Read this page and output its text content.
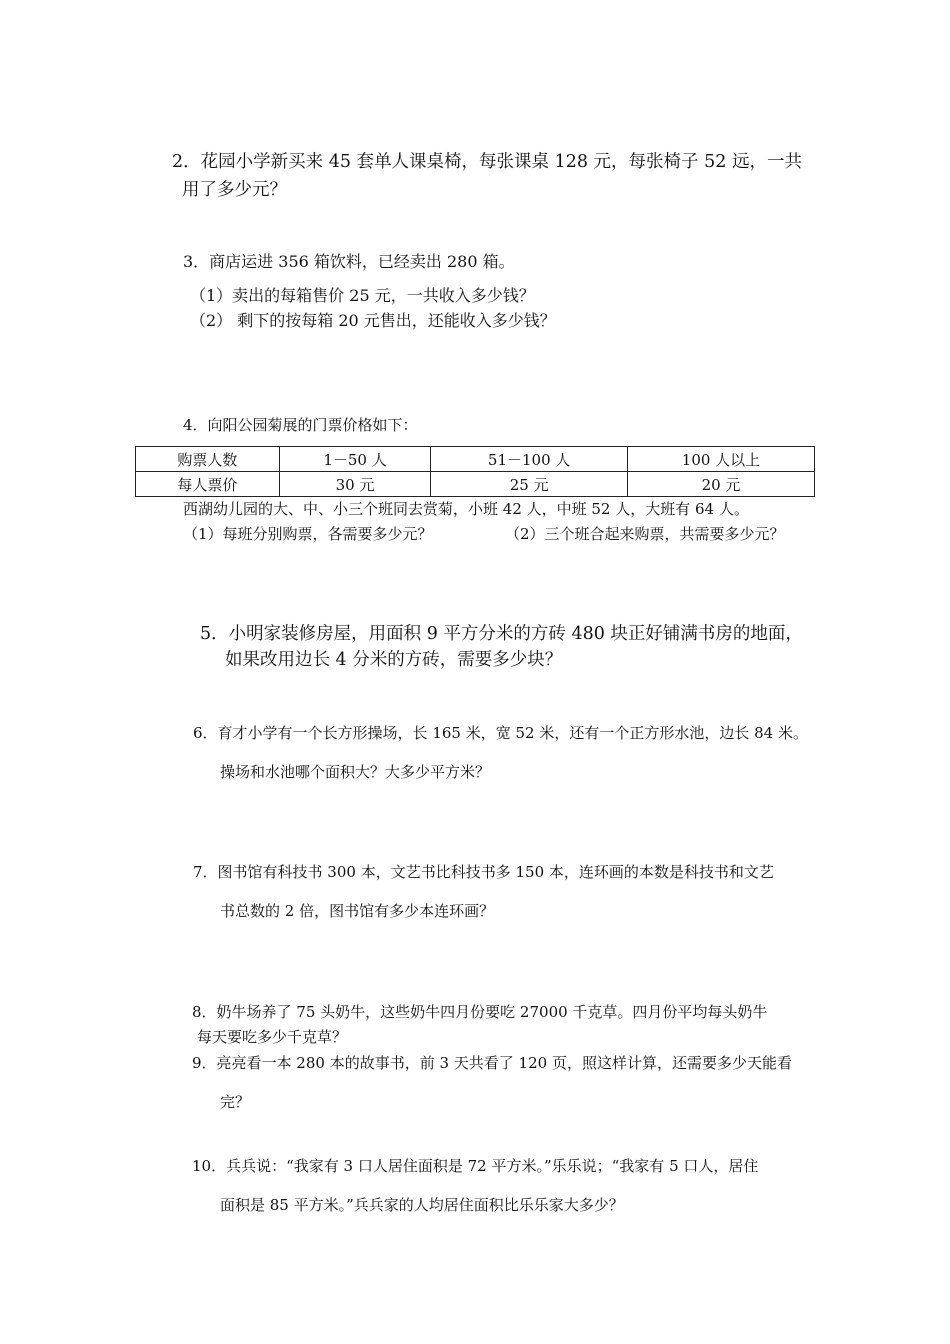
2．花园小学新买来 45 套单人课桌椅，每张课桌 128 元，每张椅子 52 远，一共
用了多少元？
3．商店运进 356 箱饮料，已经卖出 280 箱。
（1）卖出的每箱售价 25 元，一共收入多少钱？
（2） 剩下的按每箱 20 元售出，还能收入多少钱？
4．向阳公园菊展的门票价格如下：
购票人数	1－50 人	51－100 人	100 人以上
每人票价	30 元	25 元	20 元
西湖幼儿园的大、中、小三个班同去赏菊，小班 42 人，中班 52 人，大班有 64 人。
（1）每班分别购票，各需要多少元？	（2）三个班合起来购票，共需要多少元？
5．小明家装修房屋，用面积 9 平方分米的方砖 480 块正好铺满书房的地面，
如果改用边长 4 分米的方砖，需要多少块？
6．育才小学有一个长方形操场，长 165 米，宽 52 米，还有一个正方形水池，边长 84 米。
操场和水池哪个面积大？大多少平方米？
7．图书馆有科技书 300 本，文艺书比科技书多 150 本，连环画的本数是科技书和文艺
书总数的 2 倍，图书馆有多少本连环画？
8．奶牛场养了 75 头奶牛，这些奶牛四月份要吃 27000 千克草。四月份平均每头奶牛
每天要吃多少千克草？
9．亮亮看一本 280 本的故事书，前 3 天共看了 120 页，照这样计算，还需要多少天能看
完？
10．兵兵说：“我家有 3 口人居住面积是 72 平方米。”乐乐说；“我家有 5 口人，居住
面积是 85 平方米。”兵兵家的人均居住面积比乐乐家大多少？
